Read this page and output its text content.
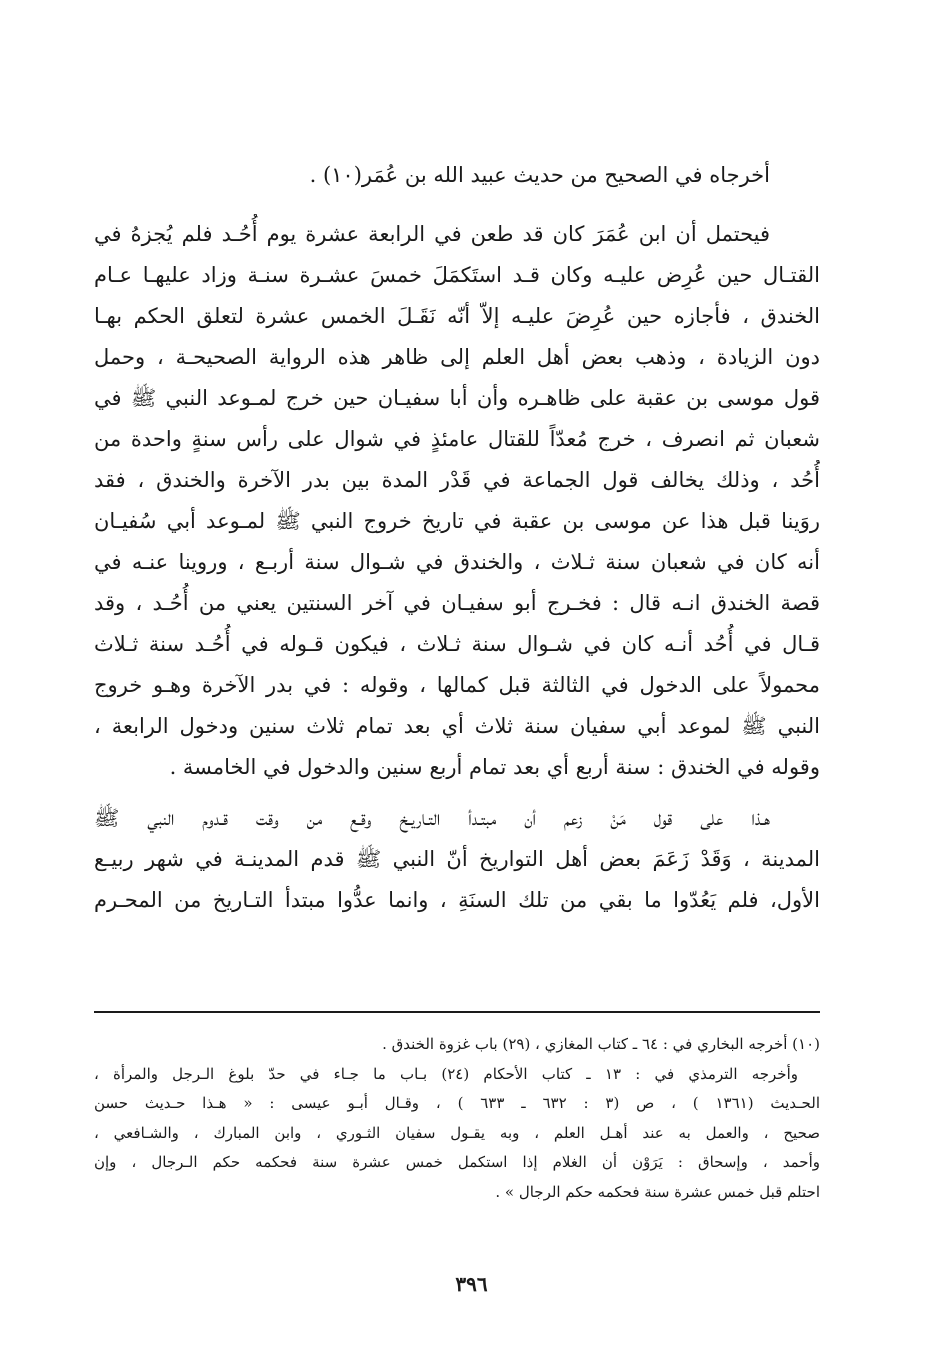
أخرجاه في الصحيح من حديث عبيد الله بن عُمَر(١٠) .
فيحتمل أن ابن عُمَرَ كان قد طعن في الرابعة عشرة يوم أُحُـد فلم يُجزهُ في
القتـال حين عُرِض عليـه وكان قـد استَكمَلَ خمسَ عشـرة سنـة وزاد عليهـا عـام
الخندق ، فأجازه حين عُرِضَ عليـه إلاّ أنّه نَقَـلَ الخمس عشرة لتعلق الحكم بهـا
دون الزيادة ، وذهب بعض أهل العلم إلى ظاهر هذه الرواية الصحيحـة ، وحمل
قول موسى بن عقبة على ظاهـره وأن أبا سفيـان حين خرج لمـوعد النبي ﷺ في
شعبان ثم انصرف ، خرج مُعدّاً للقتال عامئذٍ في شوال على رأس سنةٍ واحدة من
أُحُد ، وذلك يخالف قول الجماعة في قَدْر المدة بين بدر الآخرة والخندق ، فقد
روَينا قبل هذا عن موسى بن عقبة في تاريخ خروج النبي ﷺ لمـوعد أبي سُفيـان
أنه كان في شعبان سنة ثـلاث ، والخندق في شـوال سنة أربـع ، وروينا عنـه في
قصة الخندق انـه قال : فخـرج أبو سفيـان في آخر السنتين يعني من أُحُـد ، وقد
قـال في أُحُد أنـه كان في شـوال سنة ثـلاث ، فيكون قـوله في أُحُـد سنة ثـلاث
محمولاً على الدخول في الثالثة قبل كمالها ، وقوله : في بدر الآخرة وهـو خروج
النبي ﷺ لموعد أبي سفيان سنة ثلاث أي بعد تمام ثلاث سنين ودخول الرابعة ،
وقوله في الخندق : سنة أربع أي بعد تمام أربع سنين والدخول في الخامسة .
هـذا على قول مَنْ زعم أن مبتـدأ التـاريـخ وقـع من وقت قـدوم النبي ﷺ
المدينة ، وَقَدْ زَعَمَ بعض أهل التواريخ أنّ النبي ﷺ قدم المدينـة في شهر ربيـع
الأول، فلم يَعُدّوا ما بقي من تلك السنَةِ ، وانما عدُّوا مبتدأ التـاريخ من المحـرم
(١٠) أخرجه البخاري في : ٦٤ ـ كتاب المغازي ، (٢٩) باب غزوة الخندق .
وأخرجه الترمذي في : ١٣ ـ كتاب الأحكام (٢٤) بـاب ما جـاء في حدّ بلوغ الـرجل والمرأة ،
الحـديث (١٣٦١ ) ، ص (٣ : ٦٣٢ ـ ٦٣٣ ) ، وقـال أبـو عيسى : « هـذا حـديث حسن
صحيح ، والعمل به عند أهـل العلم ، وبه يقـول سفيان الثـوري ، وابن المبارك ، والشـافعي ،
وأحمد ، وإسحاق : يَرَوْن أن الغلام إذا استكمل خمس عشرة سنة فحكمه حكم الـرجال ، وإن
احتلم قبل خمس عشرة سنة فحكمه حكم الرجال » .
٣٩٦
